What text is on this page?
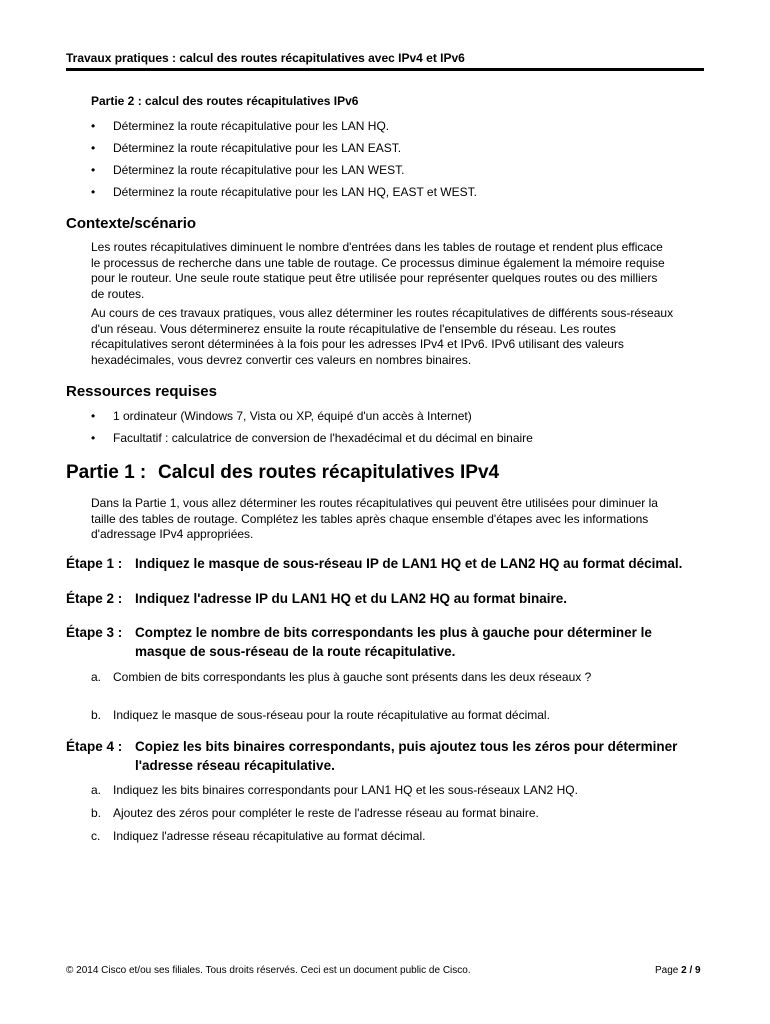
Travaux pratiques : calcul des routes récapitulatives avec IPv4 et IPv6
Partie 2 : calcul des routes récapitulatives IPv6
• Déterminez la route récapitulative pour les LAN HQ.
• Déterminez la route récapitulative pour les LAN EAST.
• Déterminez la route récapitulative pour les LAN WEST.
• Déterminez la route récapitulative pour les LAN HQ, EAST et WEST.
Contexte/scénario
Les routes récapitulatives diminuent le nombre d'entrées dans les tables de routage et rendent plus efficace
le processus de recherche dans une table de routage. Ce processus diminue également la mémoire requise
pour le routeur. Une seule route statique peut être utilisée pour représenter quelques routes ou des milliers
de routes.
Au cours de ces travaux pratiques, vous allez déterminer les routes récapitulatives de différents sous-réseaux
d'un réseau. Vous déterminerez ensuite la route récapitulative de l'ensemble du réseau. Les routes
récapitulatives seront déterminées à la fois pour les adresses IPv4 et IPv6. IPv6 utilisant des valeurs
hexadécimales, vous devrez convertir ces valeurs en nombres binaires.
Ressources requises
• 1 ordinateur (Windows 7, Vista ou XP, équipé d'un accès à Internet)
• Facultatif : calculatrice de conversion de l'hexadécimal et du décimal en binaire
Partie 1 : Calcul des routes récapitulatives IPv4
Dans la Partie 1, vous allez déterminer les routes récapitulatives qui peuvent être utilisées pour diminuer la
taille des tables de routage. Complétez les tables après chaque ensemble d'étapes avec les informations
d'adressage IPv4 appropriées.
Étape 1 : Indiquez le masque de sous-réseau IP de LAN1 HQ et de LAN2 HQ au format décimal.
Étape 2 : Indiquez l'adresse IP du LAN1 HQ et du LAN2 HQ au format binaire.
Étape 3 : Comptez le nombre de bits correspondants les plus à gauche pour déterminer le
masque de sous-réseau de la route récapitulative.
a. Combien de bits correspondants les plus à gauche sont présents dans les deux réseaux ?
b. Indiquez le masque de sous-réseau pour la route récapitulative au format décimal.
Étape 4 : Copiez les bits binaires correspondants, puis ajoutez tous les zéros pour déterminer
l'adresse réseau récapitulative.
a. Indiquez les bits binaires correspondants pour LAN1 HQ et les sous-réseaux LAN2 HQ.
b. Ajoutez des zéros pour compléter le reste de l'adresse réseau au format binaire.
c. Indiquez l'adresse réseau récapitulative au format décimal.
© 2014 Cisco et/ou ses filiales. Tous droits réservés. Ceci est un document public de Cisco.	Page 2 / 9
